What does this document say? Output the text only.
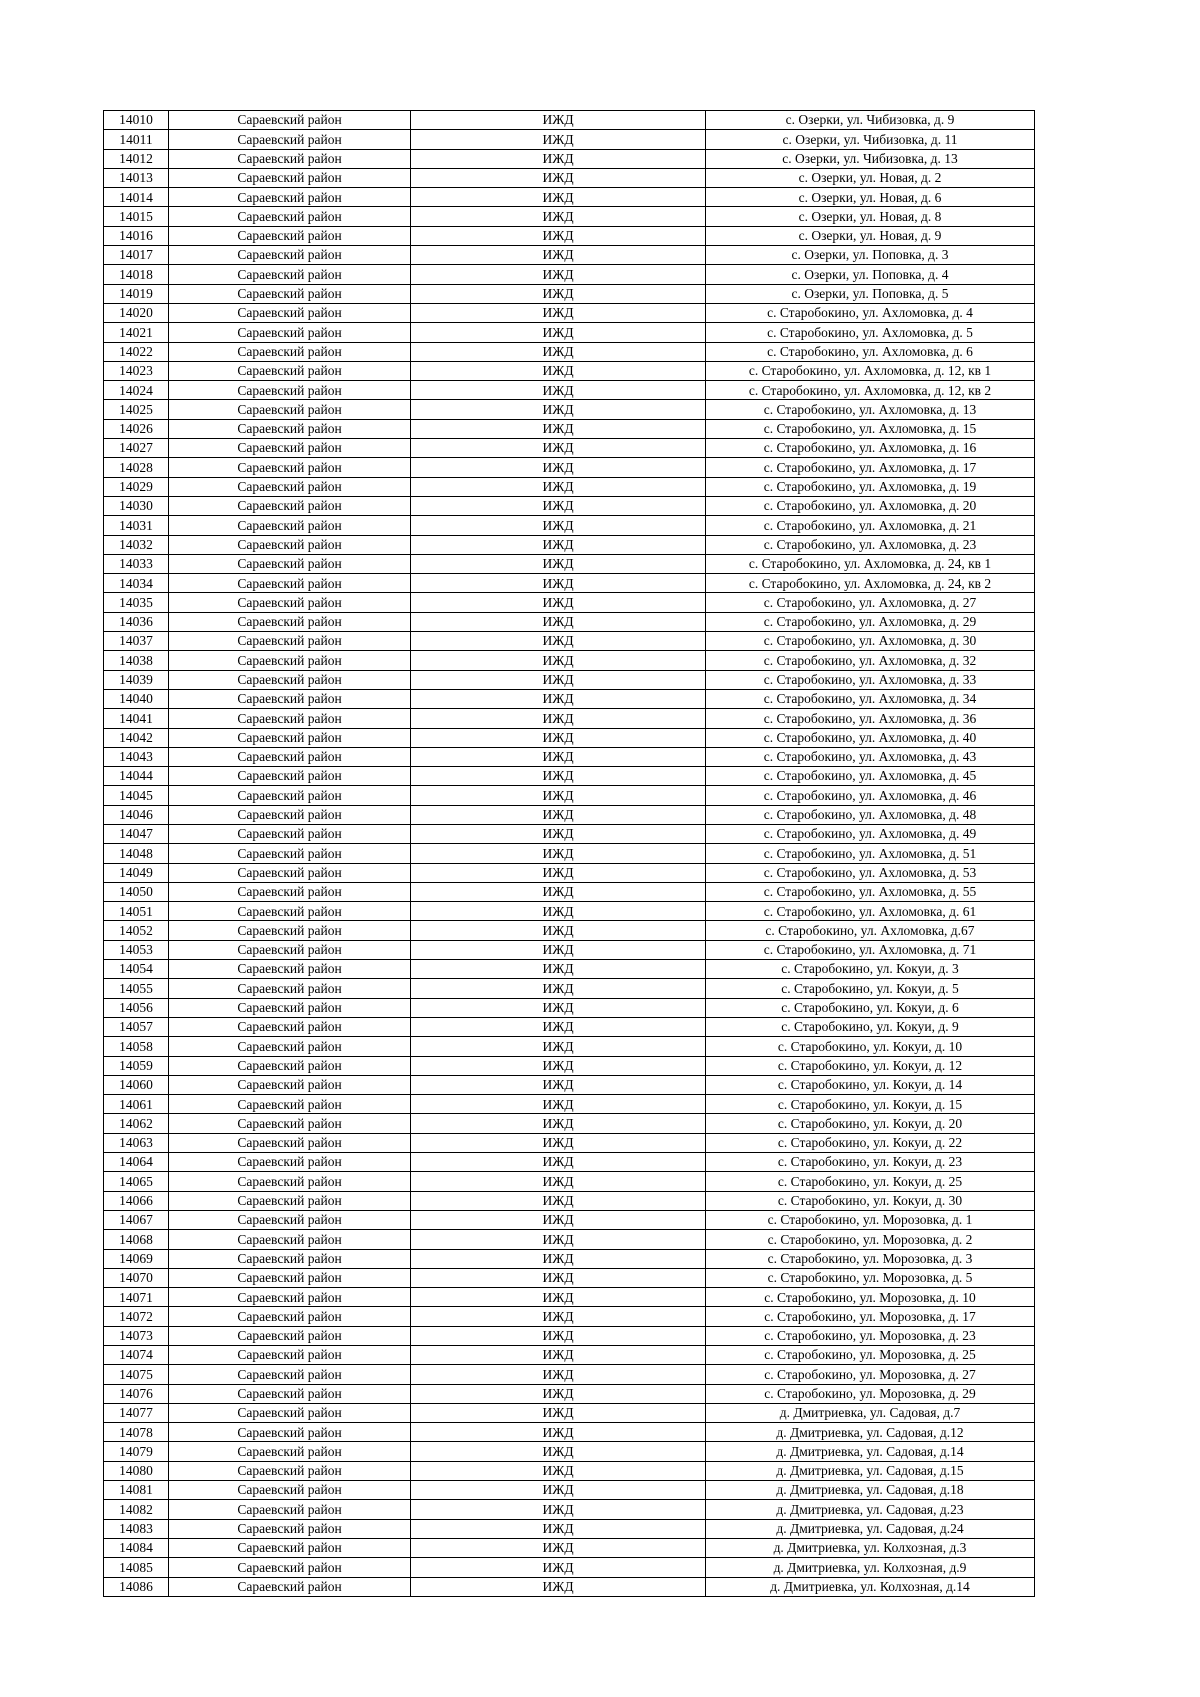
14010	Cараевский район	ИЖД	с. Озерки, ул. Чибизовка, д. 9
14011	Cараевский район	ИЖД	с. Озерки, ул. Чибизовка, д. 11
14012	Cараевский район	ИЖД	с. Озерки, ул. Чибизовка, д. 13
14013	Cараевский район	ИЖД	с. Озерки, ул. Новая, д. 2
14014	Cараевский район	ИЖД	с. Озерки, ул. Новая, д. 6
14015	Cараевский район	ИЖД	с. Озерки, ул. Новая, д. 8
14016	Cараевский район	ИЖД	с. Озерки, ул. Новая, д. 9
14017	Cараевский район	ИЖД	с. Озерки, ул. Поповка, д. 3
14018	Cараевский район	ИЖД	с. Озерки, ул. Поповка, д. 4
14019	Cараевский район	ИЖД	с. Озерки, ул. Поповка, д. 5
14020	Cараевский район	ИЖД	с. Старобокино, ул. Ахломовка, д. 4
14021	Cараевский район	ИЖД	с. Старобокино, ул. Ахломовка, д. 5
14022	Cараевский район	ИЖД	с. Старобокино, ул. Ахломовка, д. 6
14023	Cараевский район	ИЖД	с. Старобокино, ул. Ахломовка, д. 12, кв 1
14024	Cараевский район	ИЖД	с. Старобокино, ул. Ахломовка, д. 12, кв 2
14025	Cараевский район	ИЖД	с. Старобокино, ул. Ахломовка, д. 13
14026	Cараевский район	ИЖД	с. Старобокино, ул. Ахломовка, д. 15
14027	Cараевский район	ИЖД	с. Старобокино, ул. Ахломовка, д. 16
14028	Cараевский район	ИЖД	с. Старобокино, ул. Ахломовка, д. 17
14029	Cараевский район	ИЖД	с. Старобокино, ул. Ахломовка, д. 19
14030	Cараевский район	ИЖД	с. Старобокино, ул. Ахломовка, д. 20
14031	Cараевский район	ИЖД	с. Старобокино, ул. Ахломовка, д. 21
14032	Cараевский район	ИЖД	с. Старобокино, ул. Ахломовка, д. 23
14033	Cараевский район	ИЖД	с. Старобокино, ул. Ахломовка, д. 24, кв 1
14034	Cараевский район	ИЖД	с. Старобокино, ул. Ахломовка, д. 24, кв 2
14035	Cараевский район	ИЖД	с. Старобокино, ул. Ахломовка, д. 27
14036	Cараевский район	ИЖД	с. Старобокино, ул. Ахломовка, д. 29
14037	Cараевский район	ИЖД	с. Старобокино, ул. Ахломовка, д. 30
14038	Cараевский район	ИЖД	с. Старобокино, ул. Ахломовка, д. 32
14039	Cараевский район	ИЖД	с. Старобокино, ул. Ахломовка, д. 33
14040	Cараевский район	ИЖД	с. Старобокино, ул. Ахломовка, д. 34
14041	Cараевский район	ИЖД	с. Старобокино, ул. Ахломовка, д. 36
14042	Cараевский район	ИЖД	с. Старобокино, ул. Ахломовка, д. 40
14043	Cараевский район	ИЖД	с. Старобокино, ул. Ахломовка, д. 43
14044	Cараевский район	ИЖД	с. Старобокино, ул. Ахломовка, д. 45
14045	Cараевский район	ИЖД	с. Старобокино, ул. Ахломовка, д. 46
14046	Cараевский район	ИЖД	с. Старобокино, ул. Ахломовка, д. 48
14047	Cараевский район	ИЖД	с. Старобокино, ул. Ахломовка, д. 49
14048	Cараевский район	ИЖД	с. Старобокино, ул. Ахломовка, д. 51
14049	Cараевский район	ИЖД	с. Старобокино, ул. Ахломовка, д. 53
14050	Cараевский район	ИЖД	с. Старобокино, ул. Ахломовка, д. 55
14051	Cараевский район	ИЖД	с. Старобокино, ул. Ахломовка, д. 61
14052	Cараевский район	ИЖД	с. Старобокино, ул. Ахломовка, д.67
14053	Cараевский район	ИЖД	с. Старобокино, ул. Ахломовка, д. 71
14054	Cараевский район	ИЖД	с. Старобокино, ул. Кокуи, д. 3
14055	Cараевский район	ИЖД	с. Старобокино, ул. Кокуи, д. 5
14056	Cараевский район	ИЖД	с. Старобокино, ул. Кокуи, д. 6
14057	Cараевский район	ИЖД	с. Старобокино, ул. Кокуи, д. 9
14058	Cараевский район	ИЖД	с. Старобокино, ул. Кокуи, д. 10
14059	Cараевский район	ИЖД	с. Старобокино, ул. Кокуи, д. 12
14060	Cараевский район	ИЖД	с. Старобокино, ул. Кокуи, д. 14
14061	Cараевский район	ИЖД	с. Старобокино, ул. Кокуи, д. 15
14062	Cараевский район	ИЖД	с. Старобокино, ул. Кокуи, д. 20
14063	Cараевский район	ИЖД	с. Старобокино, ул. Кокуи, д. 22
14064	Cараевский район	ИЖД	с. Старобокино, ул. Кокуи, д. 23
14065	Cараевский район	ИЖД	с. Старобокино, ул. Кокуи, д. 25
14066	Cараевский район	ИЖД	с. Старобокино, ул. Кокуи, д. 30
14067	Cараевский район	ИЖД	с. Старобокино, ул. Морозовка, д. 1
14068	Cараевский район	ИЖД	с. Старобокино, ул. Морозовка, д. 2
14069	Cараевский район	ИЖД	с. Старобокино, ул. Морозовка, д. 3
14070	Cараевский район	ИЖД	с. Старобокино, ул. Морозовка, д. 5
14071	Cараевский район	ИЖД	с. Старобокино, ул. Морозовка, д. 10
14072	Cараевский район	ИЖД	с. Старобокино, ул. Морозовка, д. 17
14073	Cараевский район	ИЖД	с. Старобокино, ул. Морозовка, д. 23
14074	Cараевский район	ИЖД	с. Старобокино, ул. Морозовка, д. 25
14075	Cараевский район	ИЖД	с. Старобокино, ул. Морозовка, д. 27
14076	Cараевский район	ИЖД	с. Старобокино, ул. Морозовка, д. 29
14077	Cараевский район	ИЖД	д. Дмитриевка, ул. Садовая, д.7
14078	Cараевский район	ИЖД	д. Дмитриевка, ул. Садовая, д.12
14079	Cараевский район	ИЖД	д. Дмитриевка, ул. Садовая, д.14
14080	Cараевский район	ИЖД	д. Дмитриевка, ул. Садовая, д.15
14081	Cараевский район	ИЖД	д. Дмитриевка, ул. Садовая, д.18
14082	Cараевский район	ИЖД	д. Дмитриевка, ул. Садовая, д.23
14083	Cараевский район	ИЖД	д. Дмитриевка, ул. Садовая, д.24
14084	Cараевский район	ИЖД	д. Дмитриевка, ул. Колхозная, д.3
14085	Cараевский район	ИЖД	д. Дмитриевка, ул. Колхозная, д.9
14086	Cараевский район	ИЖД	д. Дмитриевка, ул. Колхозная, д.14
